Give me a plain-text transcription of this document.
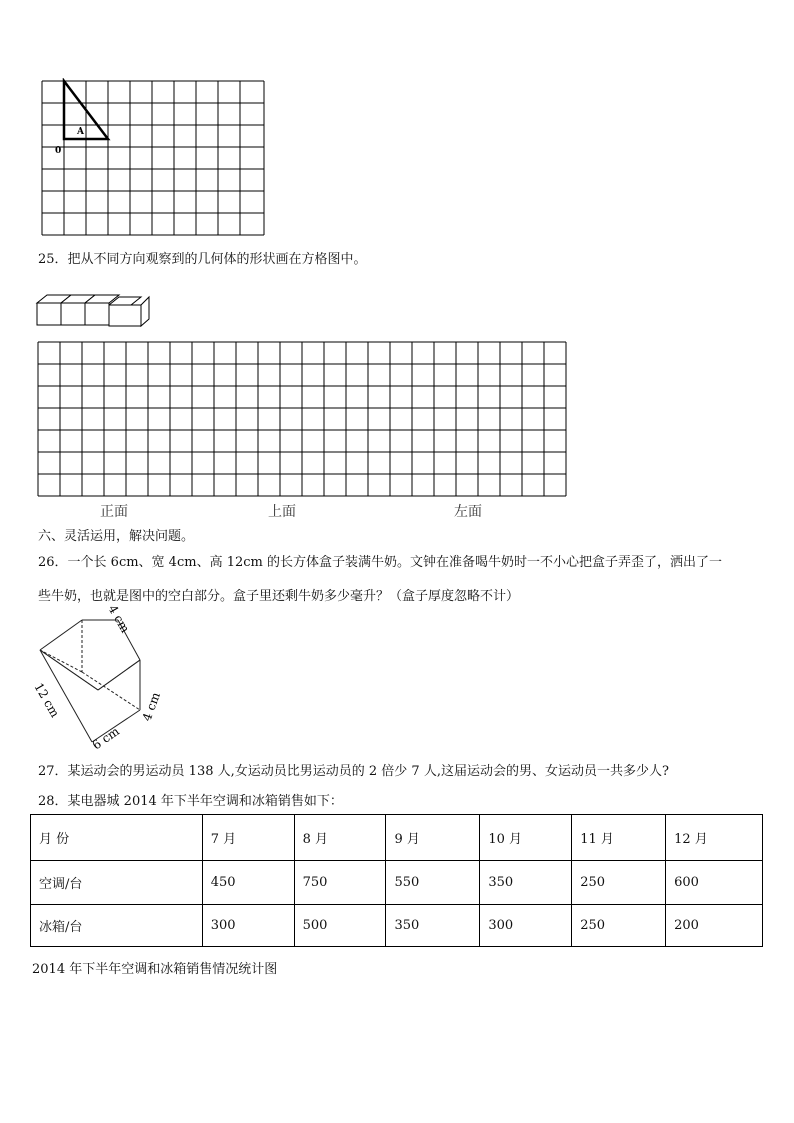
A
0
25．把从不同方向观察到的几何体的形状画在方格图中。
正面	上面	左面
六、灵活运用，解决问题。
26．一个长 6cm、宽 4cm、高 12cm 的长方体盒子装满牛奶。文钟在准备喝牛奶时一不小心把盒子弄歪了，洒出了一
些牛奶，也就是图中的空白部分。盒子里还剩牛奶多少毫升？（盒子厚度忽略不计）
4 cm
12 cm
6 cm
4 cm
27．某运动会的男运动员 138 人,女运动员比男运动员的 2 倍少 7 人,这届运动会的男、女运动员一共多少人?
28．某电器城 2014 年下半年空调和冰箱销售如下：
月 份	7 月	8 月	9 月	10 月	11 月	12 月
空调/台	450	750	550	350	250	600
冰箱/台	300	500	350	300	250	200
2014 年下半年空调和冰箱销售情况统计图
